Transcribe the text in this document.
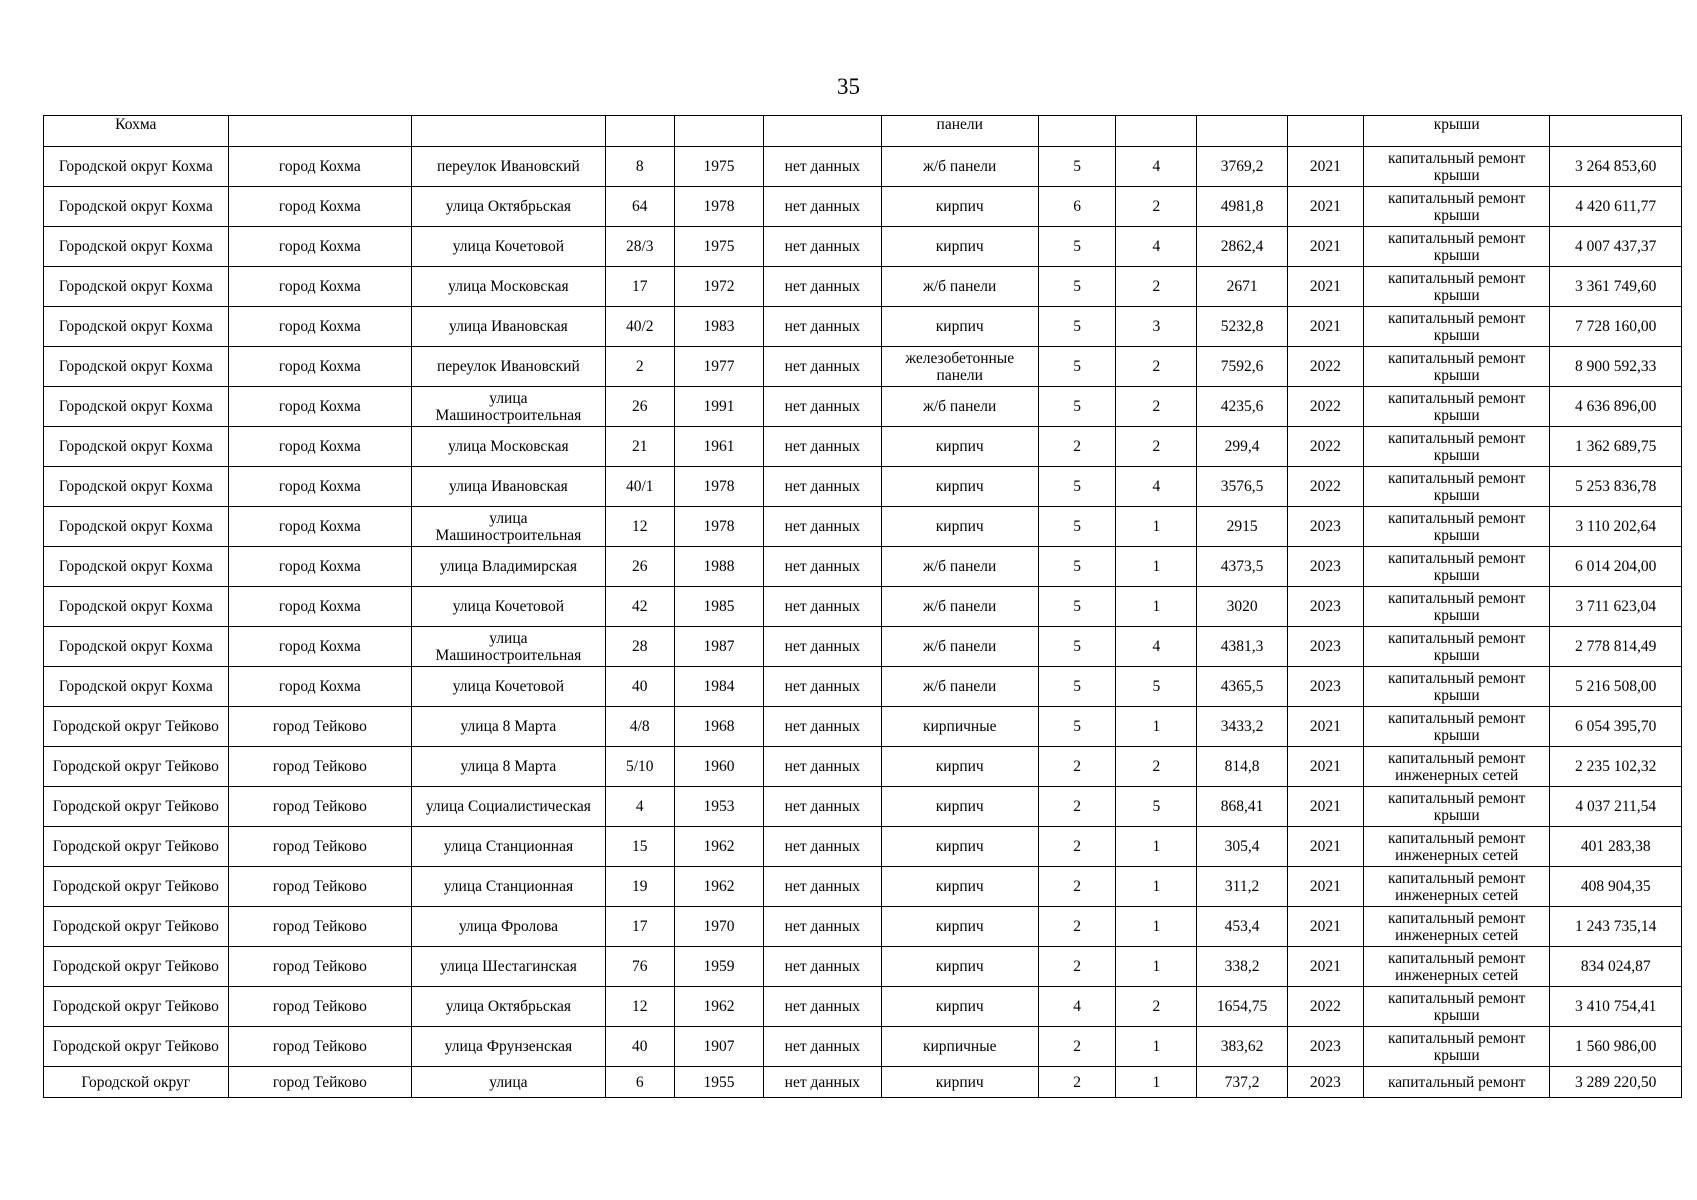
35
Кохма						панели					крыши	
Городской округ Кохма	город Кохма	переулок Ивановский	8	1975	нет данных	ж/б панели	5	4	3769,2	2021	капитальный ремонт крыши	3 264 853,60
Городской округ Кохма	город Кохма	улица Октябрьская	64	1978	нет данных	кирпич	6	2	4981,8	2021	капитальный ремонт крыши	4 420 611,77
Городской округ Кохма	город Кохма	улица Кочетовой	28/3	1975	нет данных	кирпич	5	4	2862,4	2021	капитальный ремонт крыши	4 007 437,37
Городской округ Кохма	город Кохма	улица Московская	17	1972	нет данных	ж/б панели	5	2	2671	2021	капитальный ремонт крыши	3 361 749,60
Городской округ Кохма	город Кохма	улица Ивановская	40/2	1983	нет данных	кирпич	5	3	5232,8	2021	капитальный ремонт крыши	7 728 160,00
Городской округ Кохма	город Кохма	переулок Ивановский	2	1977	нет данных	железобетонные панели	5	2	7592,6	2022	капитальный ремонт крыши	8 900 592,33
Городской округ Кохма	город Кохма	улица Машиностроительная	26	1991	нет данных	ж/б панели	5	2	4235,6	2022	капитальный ремонт крыши	4 636 896,00
Городской округ Кохма	город Кохма	улица Московская	21	1961	нет данных	кирпич	2	2	299,4	2022	капитальный ремонт крыши	1 362 689,75
Городской округ Кохма	город Кохма	улица Ивановская	40/1	1978	нет данных	кирпич	5	4	3576,5	2022	капитальный ремонт крыши	5 253 836,78
Городской округ Кохма	город Кохма	улица Машиностроительная	12	1978	нет данных	кирпич	5	1	2915	2023	капитальный ремонт крыши	3 110 202,64
Городской округ Кохма	город Кохма	улица Владимирская	26	1988	нет данных	ж/б панели	5	1	4373,5	2023	капитальный ремонт крыши	6 014 204,00
Городской округ Кохма	город Кохма	улица Кочетовой	42	1985	нет данных	ж/б панели	5	1	3020	2023	капитальный ремонт крыши	3 711 623,04
Городской округ Кохма	город Кохма	улица Машиностроительная	28	1987	нет данных	ж/б панели	5	4	4381,3	2023	капитальный ремонт крыши	2 778 814,49
Городской округ Кохма	город Кохма	улица Кочетовой	40	1984	нет данных	ж/б панели	5	5	4365,5	2023	капитальный ремонт крыши	5 216 508,00
Городской округ Тейково	город Тейково	улица 8 Марта	4/8	1968	нет данных	кирпичные	5	1	3433,2	2021	капитальный ремонт крыши	6 054 395,70
Городской округ Тейково	город Тейково	улица 8 Марта	5/10	1960	нет данных	кирпич	2	2	814,8	2021	капитальный ремонт инженерных сетей	2 235 102,32
Городской округ Тейково	город Тейково	улица Социалистическая	4	1953	нет данных	кирпич	2	5	868,41	2021	капитальный ремонт крыши	4 037 211,54
Городской округ Тейково	город Тейково	улица Станционная	15	1962	нет данных	кирпич	2	1	305,4	2021	капитальный ремонт инженерных сетей	401 283,38
Городской округ Тейково	город Тейково	улица Станционная	19	1962	нет данных	кирпич	2	1	311,2	2021	капитальный ремонт инженерных сетей	408 904,35
Городской округ Тейково	город Тейково	улица Фролова	17	1970	нет данных	кирпич	2	1	453,4	2021	капитальный ремонт инженерных сетей	1 243 735,14
Городской округ Тейково	город Тейково	улица Шестагинская	76	1959	нет данных	кирпич	2	1	338,2	2021	капитальный ремонт инженерных сетей	834 024,87
Городской округ Тейково	город Тейково	улица Октябрьская	12	1962	нет данных	кирпич	4	2	1654,75	2022	капитальный ремонт крыши	3 410 754,41
Городской округ Тейково	город Тейково	улица Фрунзенская	40	1907	нет данных	кирпичные	2	1	383,62	2023	капитальный ремонт крыши	1 560 986,00
Городской округ	город Тейково	улица	6	1955	нет данных	кирпич	2	1	737,2	2023	капитальный ремонт	3 289 220,50
